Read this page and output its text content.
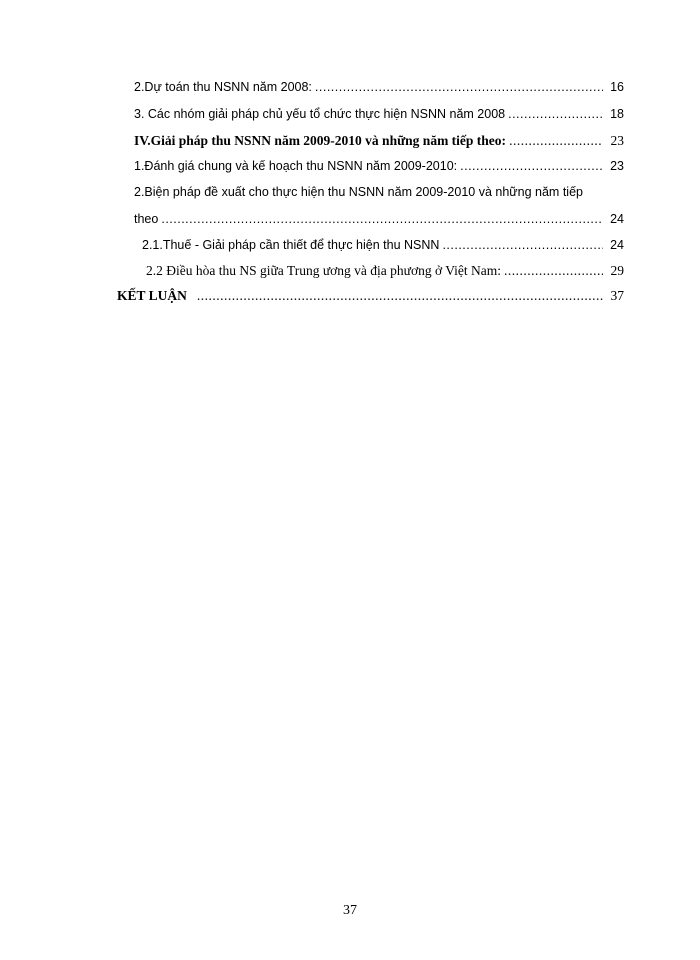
2.Dự toán thu NSNN năm 2008: .....	16
3. Các nhóm giải pháp chủ yếu tổ chức thực hiện NSNN năm 2008 .....	18
IV.Giải pháp thu NSNN năm 2009-2010 và những năm tiếp theo: .....	23
1.Đánh giá chung và kế hoạch thu NSNN năm 2009-2010: .....	23
2.Biện pháp đề xuất cho thực hiện thu NSNN năm 2009-2010 và những năm tiếp
theo .....	24
2.1.Thuế - Giải pháp cần thiết để thực hiện thu NSNN .....	24
2.2 Điều hòa thu NS giữa Trung ương và địa phương ở Việt Nam: .....	29
KẾT LUẬN .....	37
37
